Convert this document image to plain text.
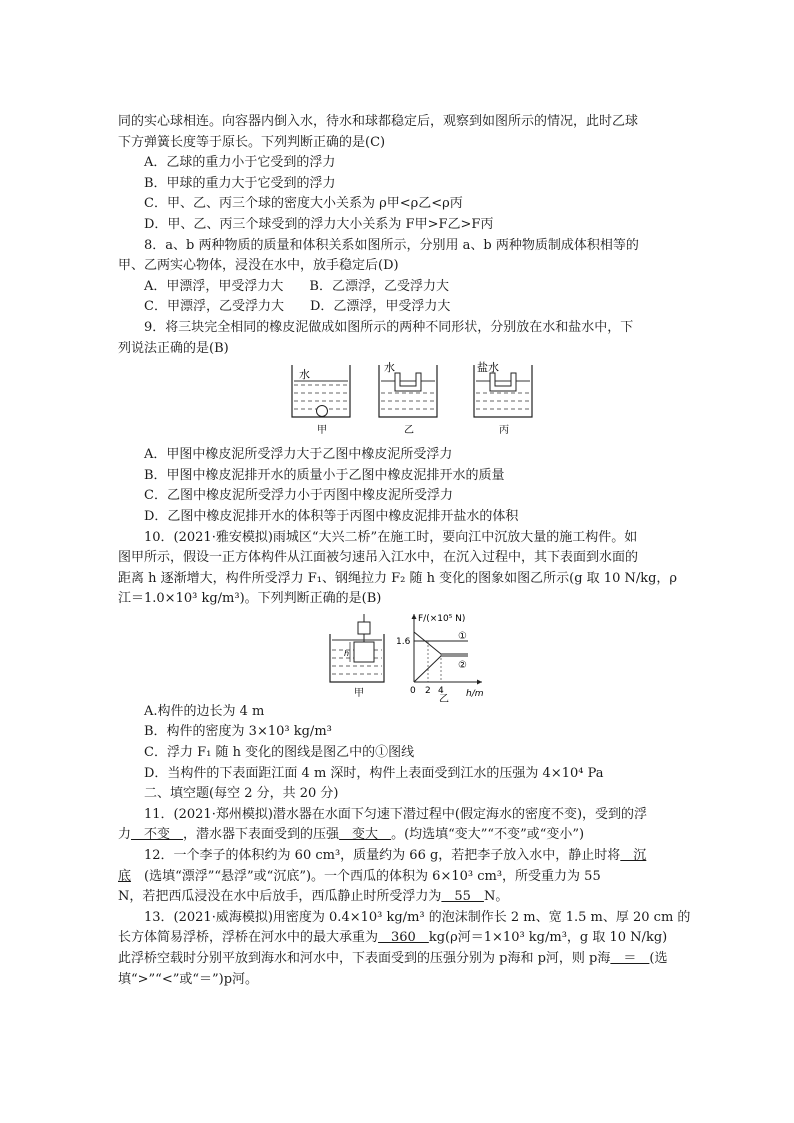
同的实心球相连。向容器内倒入水，待水和球都稳定后，观察到如图所示的情况，此时乙球
下方弹簧长度等于原长。下列判断正确的是(C)
A．乙球的重力小于它受到的浮力
B．甲球的重力大于它受到的浮力
C．甲、乙、丙三个球的密度大小关系为 ρ甲<ρ乙<ρ丙
D．甲、乙、丙三个球受到的浮力大小关系为 F甲>F乙>F丙
8．a、b 两种物质的质量和体积关系如图所示，分别用 a、b 两种物质制成体积相等的
甲、乙两实心物体，浸没在水中，放手稳定后(D)
A．甲漂浮，甲受浮力大　　B．乙漂浮，乙受浮力大
C．甲漂浮，乙受浮力大　　D．乙漂浮，甲受浮力大
9．将三块完全相同的橡皮泥做成如图所示的两种不同形状，分别放在水和盐水中，下
列说法正确的是(B)
水
甲
水
乙
盐水
丙
A．甲图中橡皮泥所受浮力大于乙图中橡皮泥所受浮力
B．甲图中橡皮泥排开水的质量小于乙图中橡皮泥排开水的质量
C．乙图中橡皮泥所受浮力小于丙图中橡皮泥所受浮力
D．乙图中橡皮泥排开水的体积等于丙图中橡皮泥排开盐水的体积
10．(2021·雅安模拟)雨城区“大兴二桥”在施工时，要向江中沉放大量的施工构件。如
图甲所示，假设一正方体构件从江面被匀速吊入江水中，在沉入过程中，其下表面到水面的
距离 h 逐渐增大，构件所受浮力 F₁、钢绳拉力 F₂ 随 h 变化的图象如图乙所示(g 取 10 N/kg，ρ
江＝1.0×10³ kg/m³)。下列判断正确的是(B)
h
甲
F/(×10⁵ N)
h/m
1.6
0 2 4
①
②
乙
A.构件的边长为 4 m
B．构件的密度为 3×10³ kg/m³
C．浮力 F₁ 随 h 变化的图线是图乙中的①图线
D．当构件的下表面距江面 4 m 深时，构件上表面受到江水的压强为 4×10⁴ Pa
二、填空题(每空 2 分，共 20 分)
11．(2021·郑州模拟)潜水器在水面下匀速下潜过程中(假定海水的密度不变)，受到的浮
力　不变　，潜水器下表面受到的压强　变大　。(均选填“变大”“不变”或“变小”)
12．一个李子的体积约为 60 cm³，质量约为 66 g，若把李子放入水中，静止时将　沉
底　(选填“漂浮”“悬浮”或“沉底”)。一个西瓜的体积为 6×10³ cm³，所受重力为 55
N，若把西瓜浸没在水中后放手，西瓜静止时所受浮力为　55　N。
13．(2021·威海模拟)用密度为 0.4×10³ kg/m³ 的泡沫制作长 2 m、宽 1.5 m、厚 20 cm 的
长方体简易浮桥，浮桥在河水中的最大承重为　360　kg(ρ河＝1×10³ kg/m³，g 取 10 N/kg)
此浮桥空载时分别平放到海水和河水中，下表面受到的压强分别为 p海和 p河，则 p海　＝　(选
填“>”“<”或“＝”)p河。
